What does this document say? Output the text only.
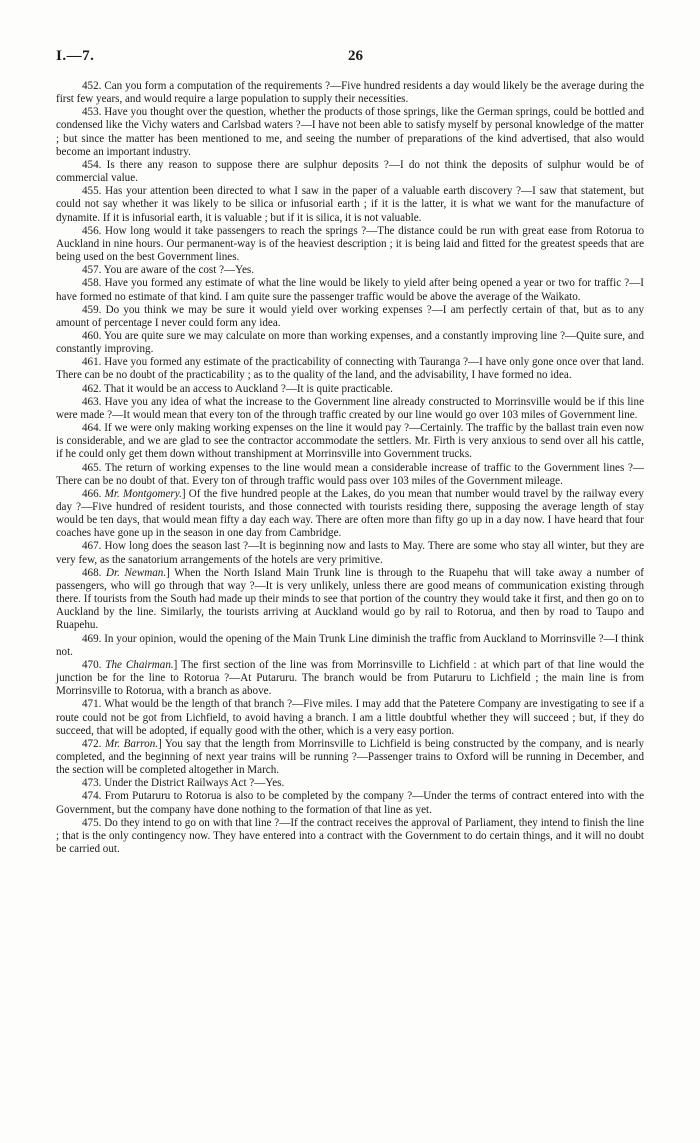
I.—7.	26

452. Can you form a computation of the requirements ?—Five hundred residents a day would likely be the average during the first few years, and would require a large population to supply their necessities.

453. Have you thought over the question, whether the products of those springs, like the German springs, could be bottled and condensed like the Vichy waters and Carlsbad waters ?—I have not been able to satisfy myself by personal knowledge of the matter ; but since the matter has been mentioned to me, and seeing the number of preparations of the kind advertised, that also would become an important industry.

454. Is there any reason to suppose there are sulphur deposits ?—I do not think the deposits of sulphur would be of commercial value.

455. Has your attention been directed to what I saw in the paper of a valuable earth discovery ?—I saw that statement, but could not say whether it was likely to be silica or infusorial earth ; if it is the latter, it is what we want for the manufacture of dynamite. If it is infusorial earth, it is valuable ; but if it is silica, it is not valuable.

456. How long would it take passengers to reach the springs ?—The distance could be run with great ease from Rotorua to Auckland in nine hours. Our permanent-way is of the heaviest description ; it is being laid and fitted for the greatest speeds that are being used on the best Government lines.

457. You are aware of the cost ?—Yes.

458. Have you formed any estimate of what the line would be likely to yield after being opened a year or two for traffic ?—I have formed no estimate of that kind. I am quite sure the passenger traffic would be above the average of the Waikato.

459. Do you think we may be sure it would yield over working expenses ?—I am perfectly certain of that, but as to any amount of percentage I never could form any idea.

460. You are quite sure we may calculate on more than working expenses, and a constantly improving line ?—Quite sure, and constantly improving.

461. Have you formed any estimate of the practicability of connecting with Tauranga ?—I have only gone once over that land. There can be no doubt of the practicability ; as to the quality of the land, and the advisability, I have formed no idea.

462. That it would be an access to Auckland ?—It is quite practicable.

463. Have you any idea of what the increase to the Government line already constructed to Morrinsville would be if this line were made ?—It would mean that every ton of the through traffic created by our line would go over 103 miles of Government line.

464. If we were only making working expenses on the line it would pay ?—Certainly. The traffic by the ballast train even now is considerable, and we are glad to see the contractor accommodate the settlers. Mr. Firth is very anxious to send over all his cattle, if he could only get them down without transhipment at Morrinsville into Government trucks.

465. The return of working expenses to the line would mean a considerable increase of traffic to the Government lines ?—There can be no doubt of that. Every ton of through traffic would pass over 103 miles of the Government mileage.

466. Mr. Montgomery.] Of the five hundred people at the Lakes, do you mean that number would travel by the railway every day ?—Five hundred of resident tourists, and those connected with tourists residing there, supposing the average length of stay would be ten days, that would mean fifty a day each way. There are often more than fifty go up in a day now. I have heard that four coaches have gone up in the season in one day from Cambridge.

467. How long does the season last ?—It is beginning now and lasts to May. There are some who stay all winter, but they are very few, as the sanatorium arrangements of the hotels are very primitive.

468. Dr. Newman.] When the North Island Main Trunk line is through to the Ruapehu that will take away a number of passengers, who will go through that way ?—It is very unlikely, unless there are good means of communication existing through there. If tourists from the South had made up their minds to see that portion of the country they would take it first, and then go on to Auckland by the line. Similarly, the tourists arriving at Auckland would go by rail to Rotorua, and then by road to Taupo and Ruapehu.

469. In your opinion, would the opening of the Main Trunk Line diminish the traffic from Auckland to Morrinsville ?—I think not.

470. The Chairman.] The first section of the line was from Morrinsville to Lichfield : at which part of that line would the junction be for the line to Rotorua ?—At Putaruru. The branch would be from Putaruru to Lichfield ; the main line is from Morrinsville to Rotorua, with a branch as above.

471. What would be the length of that branch ?—Five miles. I may add that the Patetere Company are investigating to see if a route could not be got from Lichfield, to avoid having a branch. I am a little doubtful whether they will succeed ; but, if they do succeed, that will be adopted, if equally good with the other, which is a very easy portion.

472. Mr. Barron.] You say that the length from Morrinsville to Lichfield is being constructed by the company, and is nearly completed, and the beginning of next year trains will be running ?—Passenger trains to Oxford will be running in December, and the section will be completed altogether in March.

473. Under the District Railways Act ?—Yes.

474. From Putaruru to Rotorua is also to be completed by the company ?—Under the terms of contract entered into with the Government, but the company have done nothing to the formation of that line as yet.

475. Do they intend to go on with that line ?—If the contract receives the approval of Parliament, they intend to finish the line ; that is the only contingency now. They have entered into a contract with the Government to do certain things, and it will no doubt be carried out.
